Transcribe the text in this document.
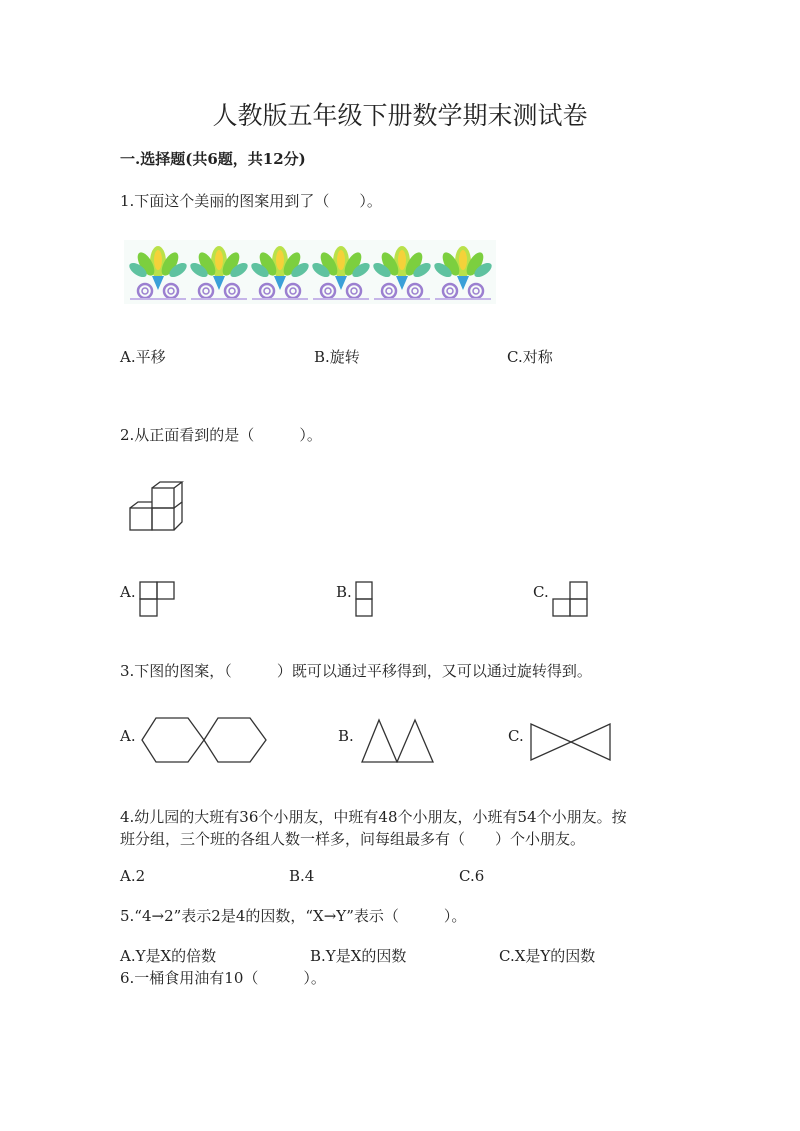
人教版五年级下册数学期末测试卷
一.选择题(共6题，共12分)
1.下面这个美丽的图案用到了（　　）。
A.平移	B.旋转	C.对称
2.从正面看到的是（　　　）。
A.	B.	C.
3.下图的图案，（　　　）既可以通过平移得到，又可以通过旋转得到。
A.	B.	C.
4.幼儿园的大班有36个小朋友，中班有48个小朋友，小班有54个小朋友。按
班分组，三个班的各组人数一样多，问每组最多有（　　）个小朋友。
A.2	B.4	C.6
5.“4→2”表示2是4的因数，“X→Y”表示（　　　）。
A.Y是X的倍数	B.Y是X的因数	C.X是Y的因数
6.一桶食用油有10（　　　）。
